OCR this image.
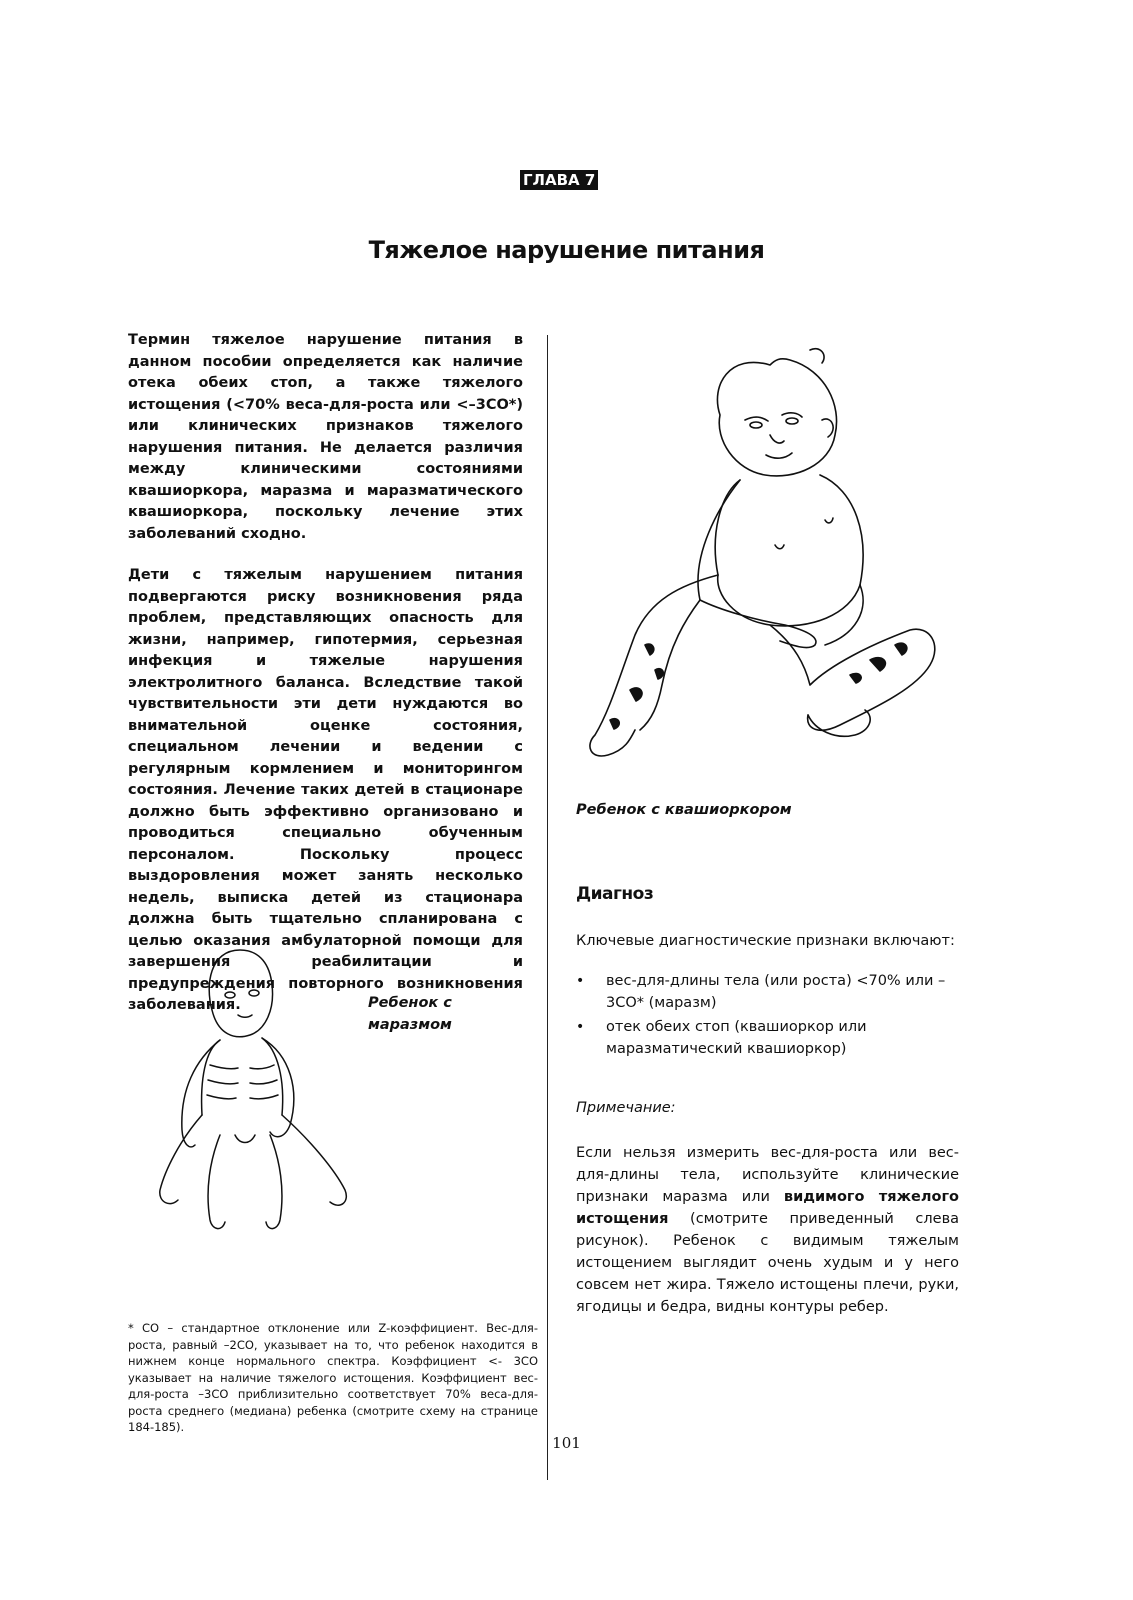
ГЛАВА 7
Тяжелое нарушение питания

Термин тяжелое нарушение питания в данном пособии определяется как наличие отека обеих стоп, а также тяжелого истощения (<70% веса-для-роста или <–3СО*) или клинических признаков тяжелого нарушения питания. Не делается различия между клиническими состояниями квашиоркора, маразма и маразматического квашиоркора, поскольку лечение этих заболеваний сходно.

Дети с тяжелым нарушением питания подвергаются риску возникновения ряда проблем, представляющих опасность для жизни, например, гипотермия, серьезная инфекция и тяжелые нарушения электролитного баланса. Вследствие такой чувствительности эти дети нуждаются во внимательной оценке состояния, специальном лечении и ведении с регулярным кормлением и мониторингом состояния. Лечение таких детей в стационаре должно быть эффективно организовано и проводиться специально обученным персоналом. Поскольку процесс выздоровления может занять несколько недель, выписка детей из стационара должна быть тщательно спланирована с целью оказания амбулаторной помощи для завершения реабилитации и предупреждения повторного возникновения заболевания.

Ребенок с квашиоркором
Ребенок с маразмом
Диагноз

Ключевые диагностические признаки включают:

• вес-для-длины тела (или роста) <70% или –3СО* (маразм)
• отек обеих стоп (квашиоркор или маразматический квашиоркор)
Примечание:

Если нельзя измерить вес-для-роста или вес-для-длины тела, используйте клинические признаки маразма или видимого тяжелого истощения (смотрите приведенный слева рисунок). Ребенок с видимым тяжелым истощением выглядит очень худым и у него совсем нет жира. Тяжело истощены плечи, руки, ягодицы и бедра, видны контуры ребер.

* СО – стандартное отклонение или Z-коэффициент. Вес-для-роста, равный –2СО, указывает на то, что ребенок находится в нижнем конце нормального спектра. Коэффициент <- 3СО указывает на наличие тяжелого истощения. Коэффициент вес-для-роста –3СО приблизительно соответствует 70% веса-для-роста среднего (медиана) ребенка (смотрите схему на странице 184-185).

101
